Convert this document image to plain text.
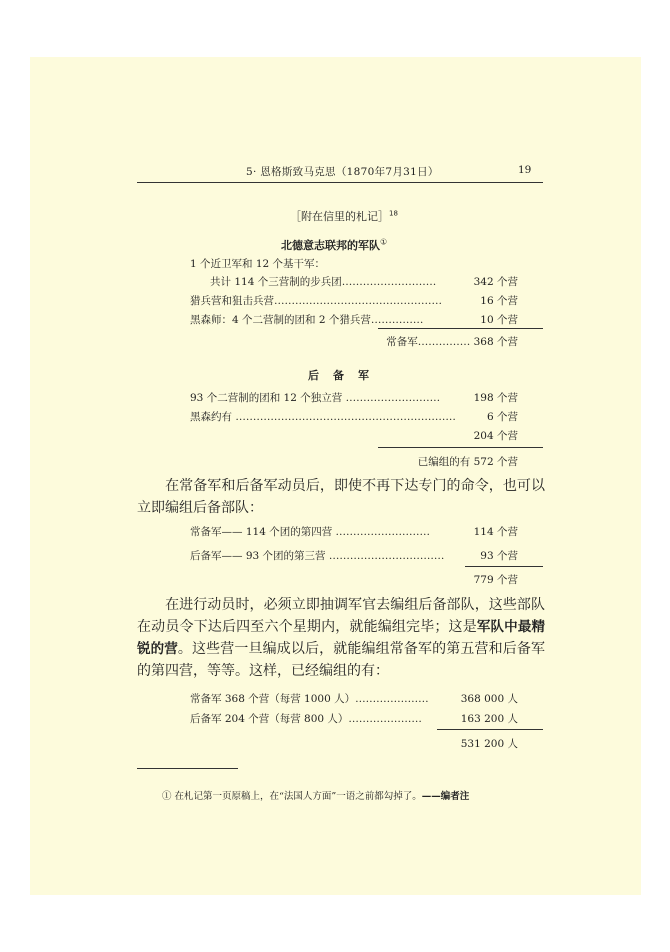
5· 恩格斯致马克思（1870年7月31日）	19
［附在信里的札记］$^{18}$
北德意志联邦的军队①
1 个近卫军和 12 个基干军：
共计 114 个三营制的步兵团………………………	342 个营
猎兵营和狙击兵营…………………………………………	16 个营
黑森师：4 个二营制的团和 2 个猎兵营……………	10 个营
常备军…………… 368 个营
后备军
93 个二营制的团和 12 个独立营 ………………………	198 个营
黑森约有 ………………………………………………………	6 个营
204 个营
已编组的有 572 个营
在常备军和后备军动员后，即使不再下达专门的命令，也可以立即编组后备部队：
常备军—— 114 个团的第四营 ………………………	114 个营
后备军—— 93 个团的第三营 ……………………………	93 个营
779 个营
在进行动员时，必须立即抽调军官去编组后备部队，这些部队在动员令下达后四至六个星期内，就能编组完毕；这是军队中最精锐的营。这些营一旦编成以后，就能编组常备军的第五营和后备军的第四营，等等。这样，已经编组的有：
常备军 368 个营（每营 1000 人）…………………	368 000 人
后备军 204 个营（每营 800 人）…………………	163 200 人
531 200 人
① 在札记第一页原稿上，在“法国人方面”一语之前都勾掉了。——编者注
